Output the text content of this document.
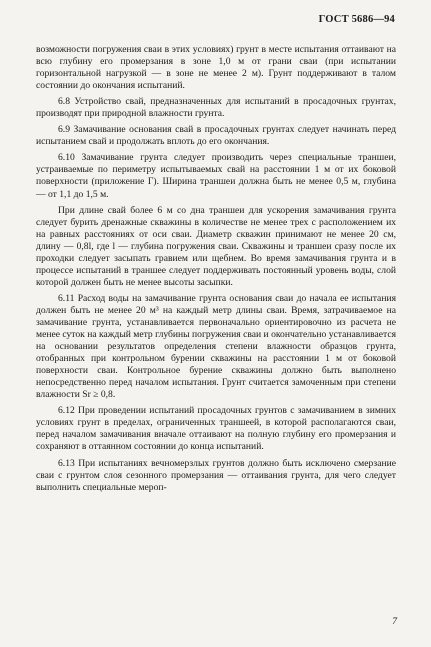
ГОСТ 5686—94

возможности погружения сваи в этих условиях) грунт в месте испытания оттаивают на всю глубину его промерзания в зоне 1,0 м от грани сваи (при испытании горизонтальной нагрузкой — в зоне не менее 2 м). Грунт поддерживают в талом состоянии до окончания испытаний.

6.8 Устройство свай, предназначенных для испытаний в просадочных грунтах, производят при природной влажности грунта.

6.9 Замачивание основания свай в просадочных грунтах следует начинать перед испытанием свай и продолжать вплоть до его окончания.

6.10 Замачивание грунта следует производить через специальные траншеи, устраиваемые по периметру испытываемых свай на расстоянии 1 м от их боковой поверхности (приложение Г). Ширина траншеи должна быть не менее 0,5 м, глубина — от 1,1 до 1,5 м.

При длине свай более 6 м со дна траншеи для ускорения замачивания грунта следует бурить дренажные скважины в количестве не менее трех с расположением их на равных расстояниях от оси сваи. Диаметр скважин принимают не менее 20 см, длину — 0,8l, где l — глубина погружения сваи. Скважины и траншеи сразу после их проходки следует засыпать гравием или щебнем. Во время замачивания грунта и в процессе испытаний в траншее следует поддерживать постоянный уровень воды, слой которой должен быть не менее высоты засыпки.

6.11 Расход воды на замачивание грунта основания сваи до начала ее испытания должен быть не менее 20 м³ на каждый метр длины сваи. Время, затрачиваемое на замачивание грунта, устанавливается первоначально ориентировочно из расчета не менее суток на каждый метр глубины погружения сваи и окончательно устанавливается на основании результатов определения степени влажности образцов грунта, отобранных при контрольном бурении скважины на расстоянии 1 м от боковой поверхности сваи. Контрольное бурение скважины должно быть выполнено непосредственно перед началом испытания. Грунт считается замоченным при степени влажности Sr ≥ 0,8.

6.12 При проведении испытаний просадочных грунтов с замачиванием в зимних условиях грунт в пределах, ограниченных траншеей, в которой располагаются сваи, перед началом замачивания вначале оттаивают на полную глубину его промерзания и сохраняют в оттаянном состоянии до конца испытаний.

6.13 При испытаниях вечномерзлых грунтов должно быть исключено смерзание сваи с грунтом слоя сезонного промерзания — оттаивания грунта, для чего следует выполнить специальные мероп-

7
